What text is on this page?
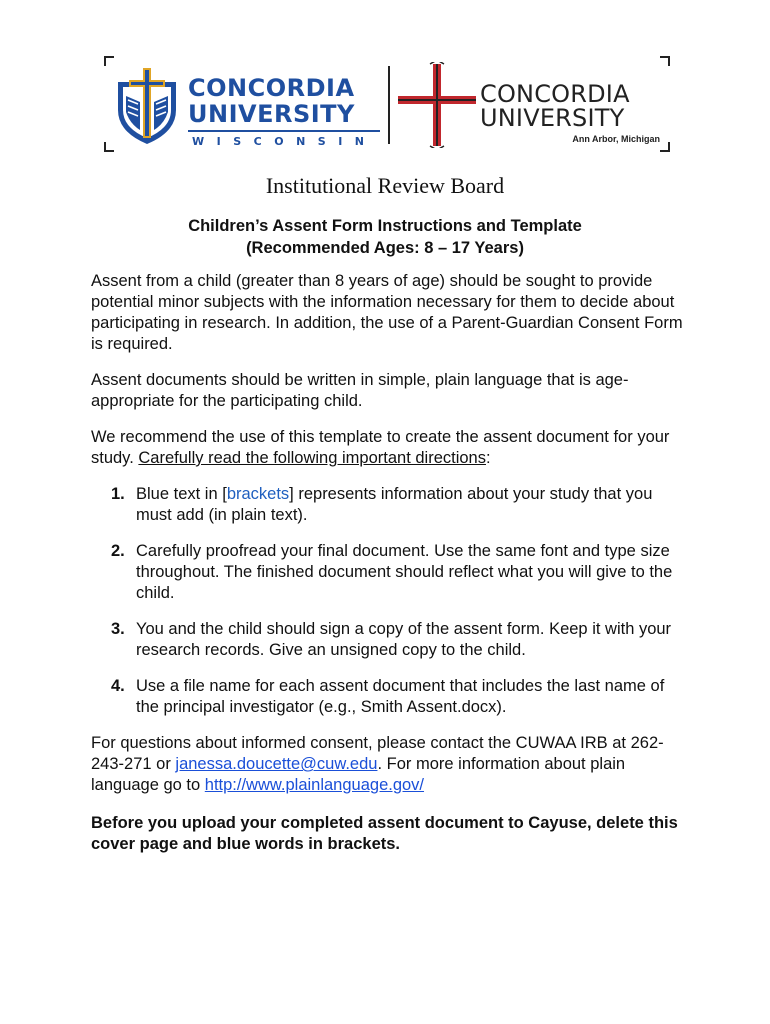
CONCORDIA
UNIVERSITY
WISCONSIN
CONCORDIA
UNIVERSITY
Ann Arbor, Michigan
Institutional Review Board
Children’s Assent Form Instructions and Template
(Recommended Ages: 8 – 17 Years)
Assent from a child (greater than 8 years of age) should be sought to provide potential minor subjects with the information necessary for them to decide about participating in research. In addition, the use of a Parent-Guardian Consent Form is required.
Assent documents should be written in simple, plain language that is age-appropriate for the participating child.
We recommend the use of this template to create the assent document for your study. Carefully read the following important directions:
1. Blue text in [brackets] represents information about your study that you must add (in plain text).
2. Carefully proofread your final document. Use the same font and type size throughout. The finished document should reflect what you will give to the child.
3. You and the child should sign a copy of the assent form. Keep it with your research records. Give an unsigned copy to the child.
4. Use a file name for each assent document that includes the last name of the principal investigator (e.g., Smith Assent.docx).
For questions about informed consent, please contact the CUWAA IRB at 262-243-271 or janessa.doucette@cuw.edu. For more information about plain language go to http://www.plainlanguage.gov/
Before you upload your completed assent document to Cayuse, delete this cover page and blue words in brackets.
